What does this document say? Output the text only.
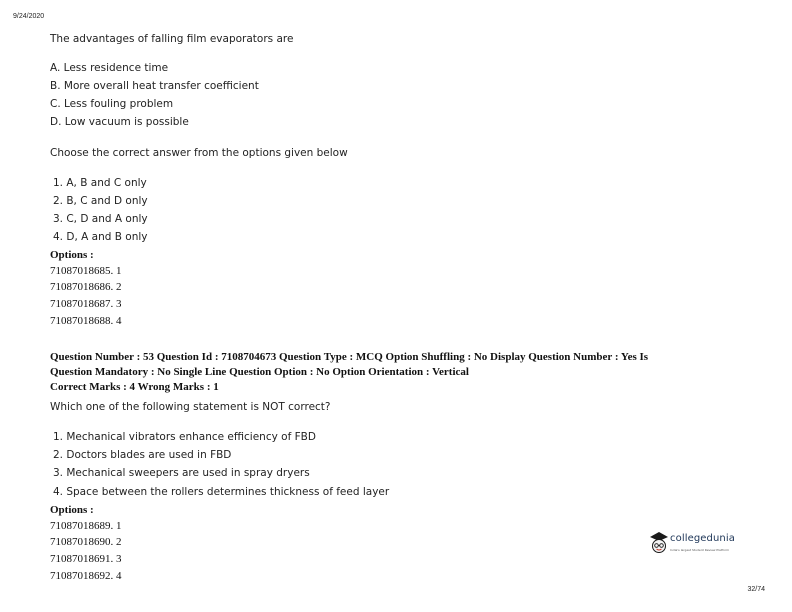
9/24/2020
The advantages of falling film evaporators are
A. Less residence time
B. More overall heat transfer coefficient
C. Less fouling problem
D. Low vacuum is possible
Choose the correct answer from the options given below
1. A, B and C only
2. B, C and D only
3. C, D and A only
4. D, A and B only
Options :
71087018685. 1
71087018686. 2
71087018687. 3
71087018688. 4
Question Number : 53 Question Id : 7108704673 Question Type : MCQ Option Shuffling : No Display Question Number : Yes Is
Question Mandatory : No Single Line Question Option : No Option Orientation : Vertical
Correct Marks : 4 Wrong Marks : 1
Which one of the following statement is NOT correct?
1. Mechanical vibrators enhance efficiency of FBD
2. Doctors blades are used in FBD
3. Mechanical sweepers are used in spray dryers
4. Space between the rollers determines thickness of feed layer
Options :
71087018689. 1
71087018690. 2
71087018691. 3
71087018692. 4
collegedunia
India's largest Student Review Platform
32/74
